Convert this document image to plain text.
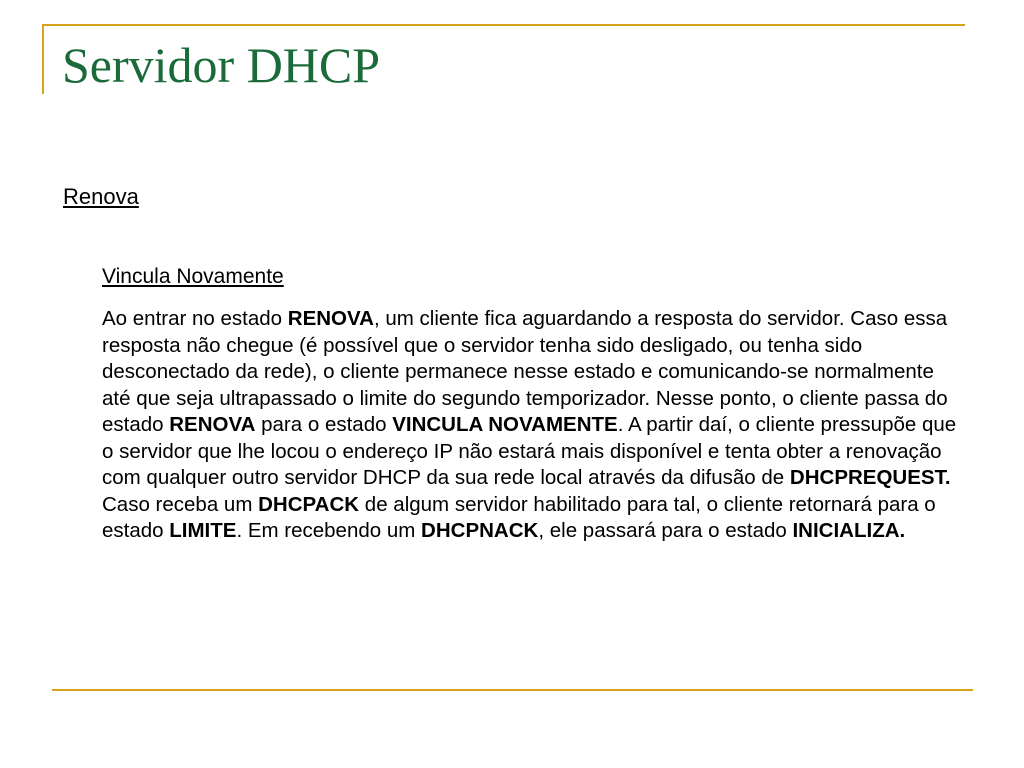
Servidor DHCP
Renova
Vincula Novamente
Ao entrar no estado RENOVA, um cliente fica aguardando a resposta do servidor. Caso essa resposta não chegue (é possível que o servidor tenha sido desligado, ou tenha sido desconectado da rede), o cliente permanece nesse estado e comunicando-se normalmente até que seja ultrapassado o limite do segundo temporizador. Nesse ponto, o cliente passa do estado RENOVA para o estado VINCULA NOVAMENTE. A partir daí, o cliente pressupõe que o servidor que lhe locou o endereço IP não estará mais disponível e tenta obter a renovação com qualquer outro servidor DHCP da sua rede local através da difusão de DHCPREQUEST. Caso receba um DHCPACK de algum servidor habilitado para tal, o cliente retornará para o estado LIMITE. Em recebendo um DHCPNACK, ele passará para o estado INICIALIZA.
